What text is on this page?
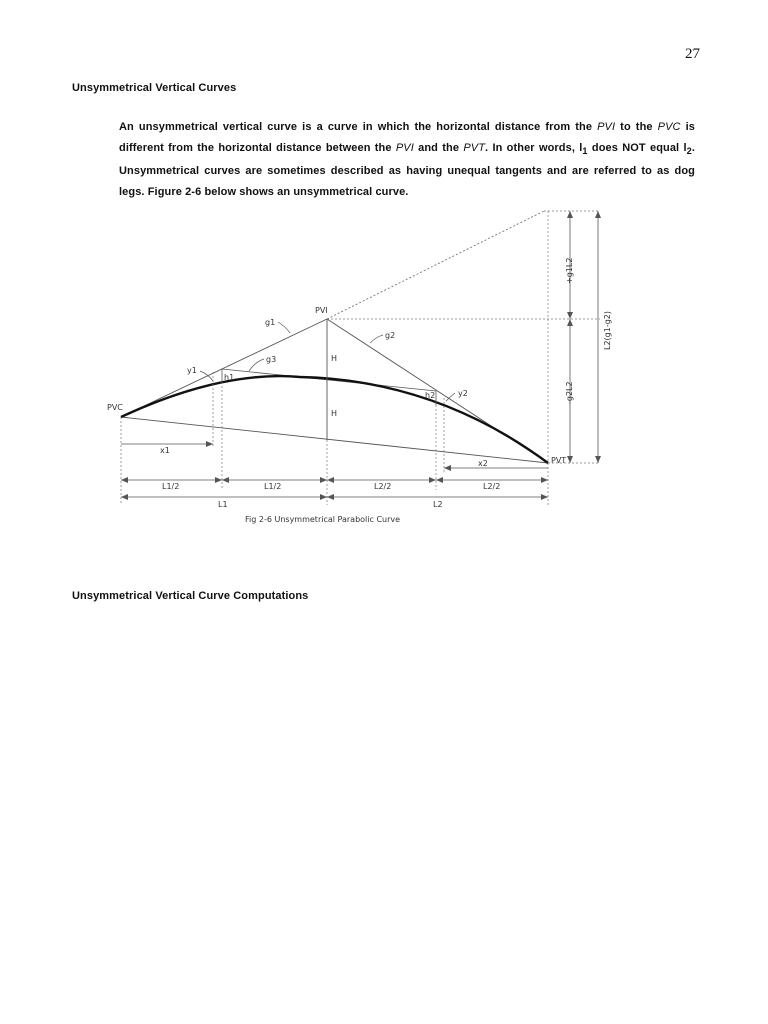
27
Unsymmetrical Vertical Curves
An unsymmetrical vertical curve is a curve in which the horizontal distance from the PVI to the PVC is different from the horizontal distance between the PVI and the PVT. In other words, $l_1$ does NOT equal $l_2$. Unsymmetrical curves are sometimes described as having unequal tangents and are referred to as dog legs. Figure 2-6 below shows an unsymmetrical curve.
PVI
PVC
PVT
g1
g2
g3
y1
y2
h1
h2
H
H
x1
x2
L1/2	L1/2	L2/2	L2/2
L1	L2
+g1L2
-g2L2
L2(g1-g2)
Fig 2-6 Unsymmetrical Parabolic Curve
Unsymmetrical Vertical Curve Computations
